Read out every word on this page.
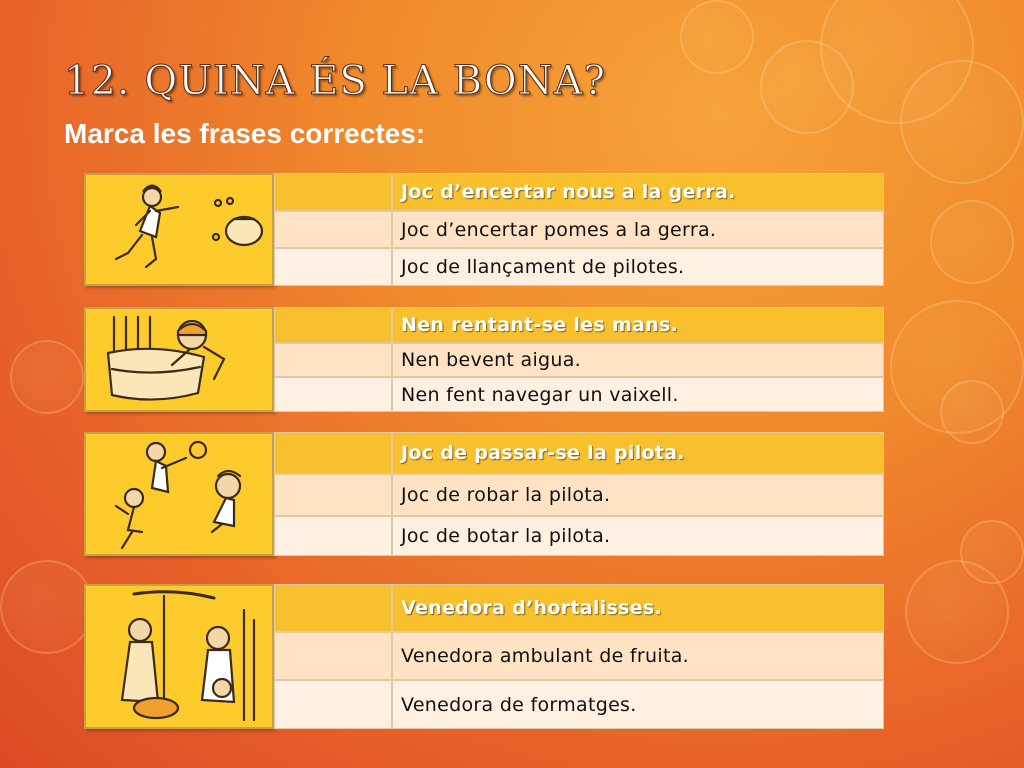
12. QUINA ÉS LA BONA?
Marca les frases correctes:
Joc d’encertar nous a la gerra.
Joc d’encertar pomes a la gerra.
Joc de llançament de pilotes.
Nen rentant-se les mans.
Nen bevent aigua.
Nen fent navegar un vaixell.
Joc de passar-se la pilota.
Joc de robar la pilota.
Joc de botar la pilota.
Venedora d’hortalisses.
Venedora ambulant de fruita.
Venedora de formatges.
